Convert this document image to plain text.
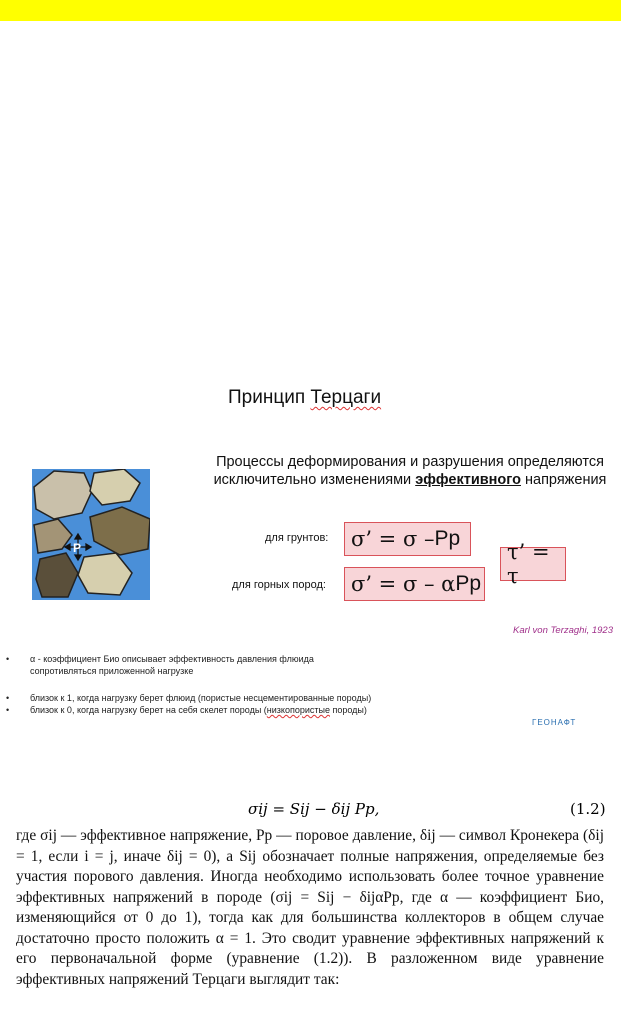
Принцип Терцаги
Процессы деформирования и разрушения определяются
исключительно изменениями эффективного напряжения
P
для грунтов: σ’ = σ – Pp
τ’ = τ
для горных пород: σ’ = σ – α Pp
Karl von Terzaghi, 1923
• α - коэффициент Био описывает эффективность давления флюида
сопротивляться приложенной нагрузке
• близок к 1, когда нагрузку берет флюид (пористые несцементированные породы)
• близок к 0, когда нагрузку берет на себя скелет породы (низкопористые породы)
ГЕОНАФТ
σij = Sij − δij Pp,	(1.2)

где σij — эффективное напряжение, Pp — поровое давление, δij — символ Кронекера (δij = 1, если i = j, иначе δij = 0), а Sij обозначает полные напряжения, определяемые без участия порового давления. Иногда необходимо использовать более точное уравнение эффективных напряжений в породе (σij = Sij − δijαPp, где α — коэффициент Био, изменяющийся от 0 до 1), тогда как для большинства коллекторов в общем случае достаточно просто положить α = 1. Это сводит уравнение эффективных напряжений к его первоначальной форме (уравнение (1.2)). В разложенном виде уравнение эффективных напряжений Терцаги выглядит так:
